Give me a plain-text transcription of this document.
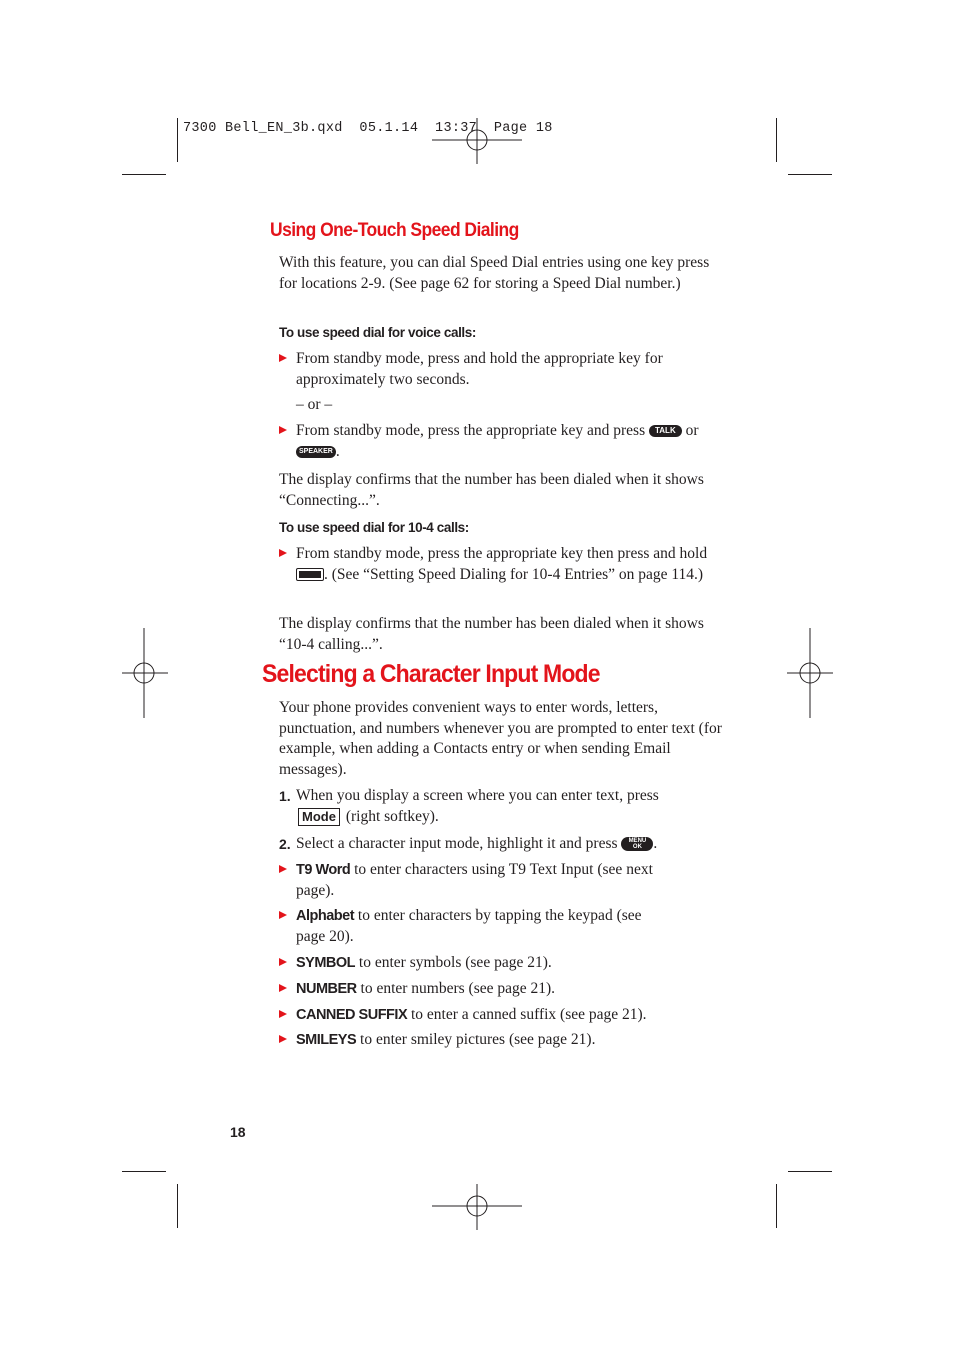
7300 Bell_EN_3b.qxd  05.1.14  13:37  Page 18
Using One-Touch Speed Dialing
With this feature, you can dial Speed Dial entries using one key press for locations 2-9. (See page 62 for storing a Speed Dial number.)
To use speed dial for voice calls:
From standby mode, press and hold the appropriate key for approximately two seconds.
– or –
From standby mode, press the appropriate key and press TALK or SPEAKER .
The display confirms that the number has been dialed when it shows “Connecting...”.
To use speed dial for 10-4 calls:
From standby mode, press the appropriate key then press and hold . (See “Setting Speed Dialing for 10-4 Entries” on page 114.)
The display confirms that the number has been dialed when it shows “10-4 calling...”.
Selecting a Character Input Mode
Your phone provides convenient ways to enter words, letters, punctuation, and numbers whenever you are prompted to enter text (for example, when adding a Contacts entry or when sending Email messages).
1. When you display a screen where you can enter text, press
Mode (right softkey).
2. Select a character input mode, highlight it and press MENU
OK .
T9 Word to enter characters using T9 Text Input (see next page).
Alphabet to enter characters by tapping the keypad (see page 20).
SYMBOL to enter symbols (see page 21).
NUMBER to enter numbers (see page 21).
CANNED SUFFIX to enter a canned suffix (see page 21).
SMILEYS to enter smiley pictures (see page 21).
18
